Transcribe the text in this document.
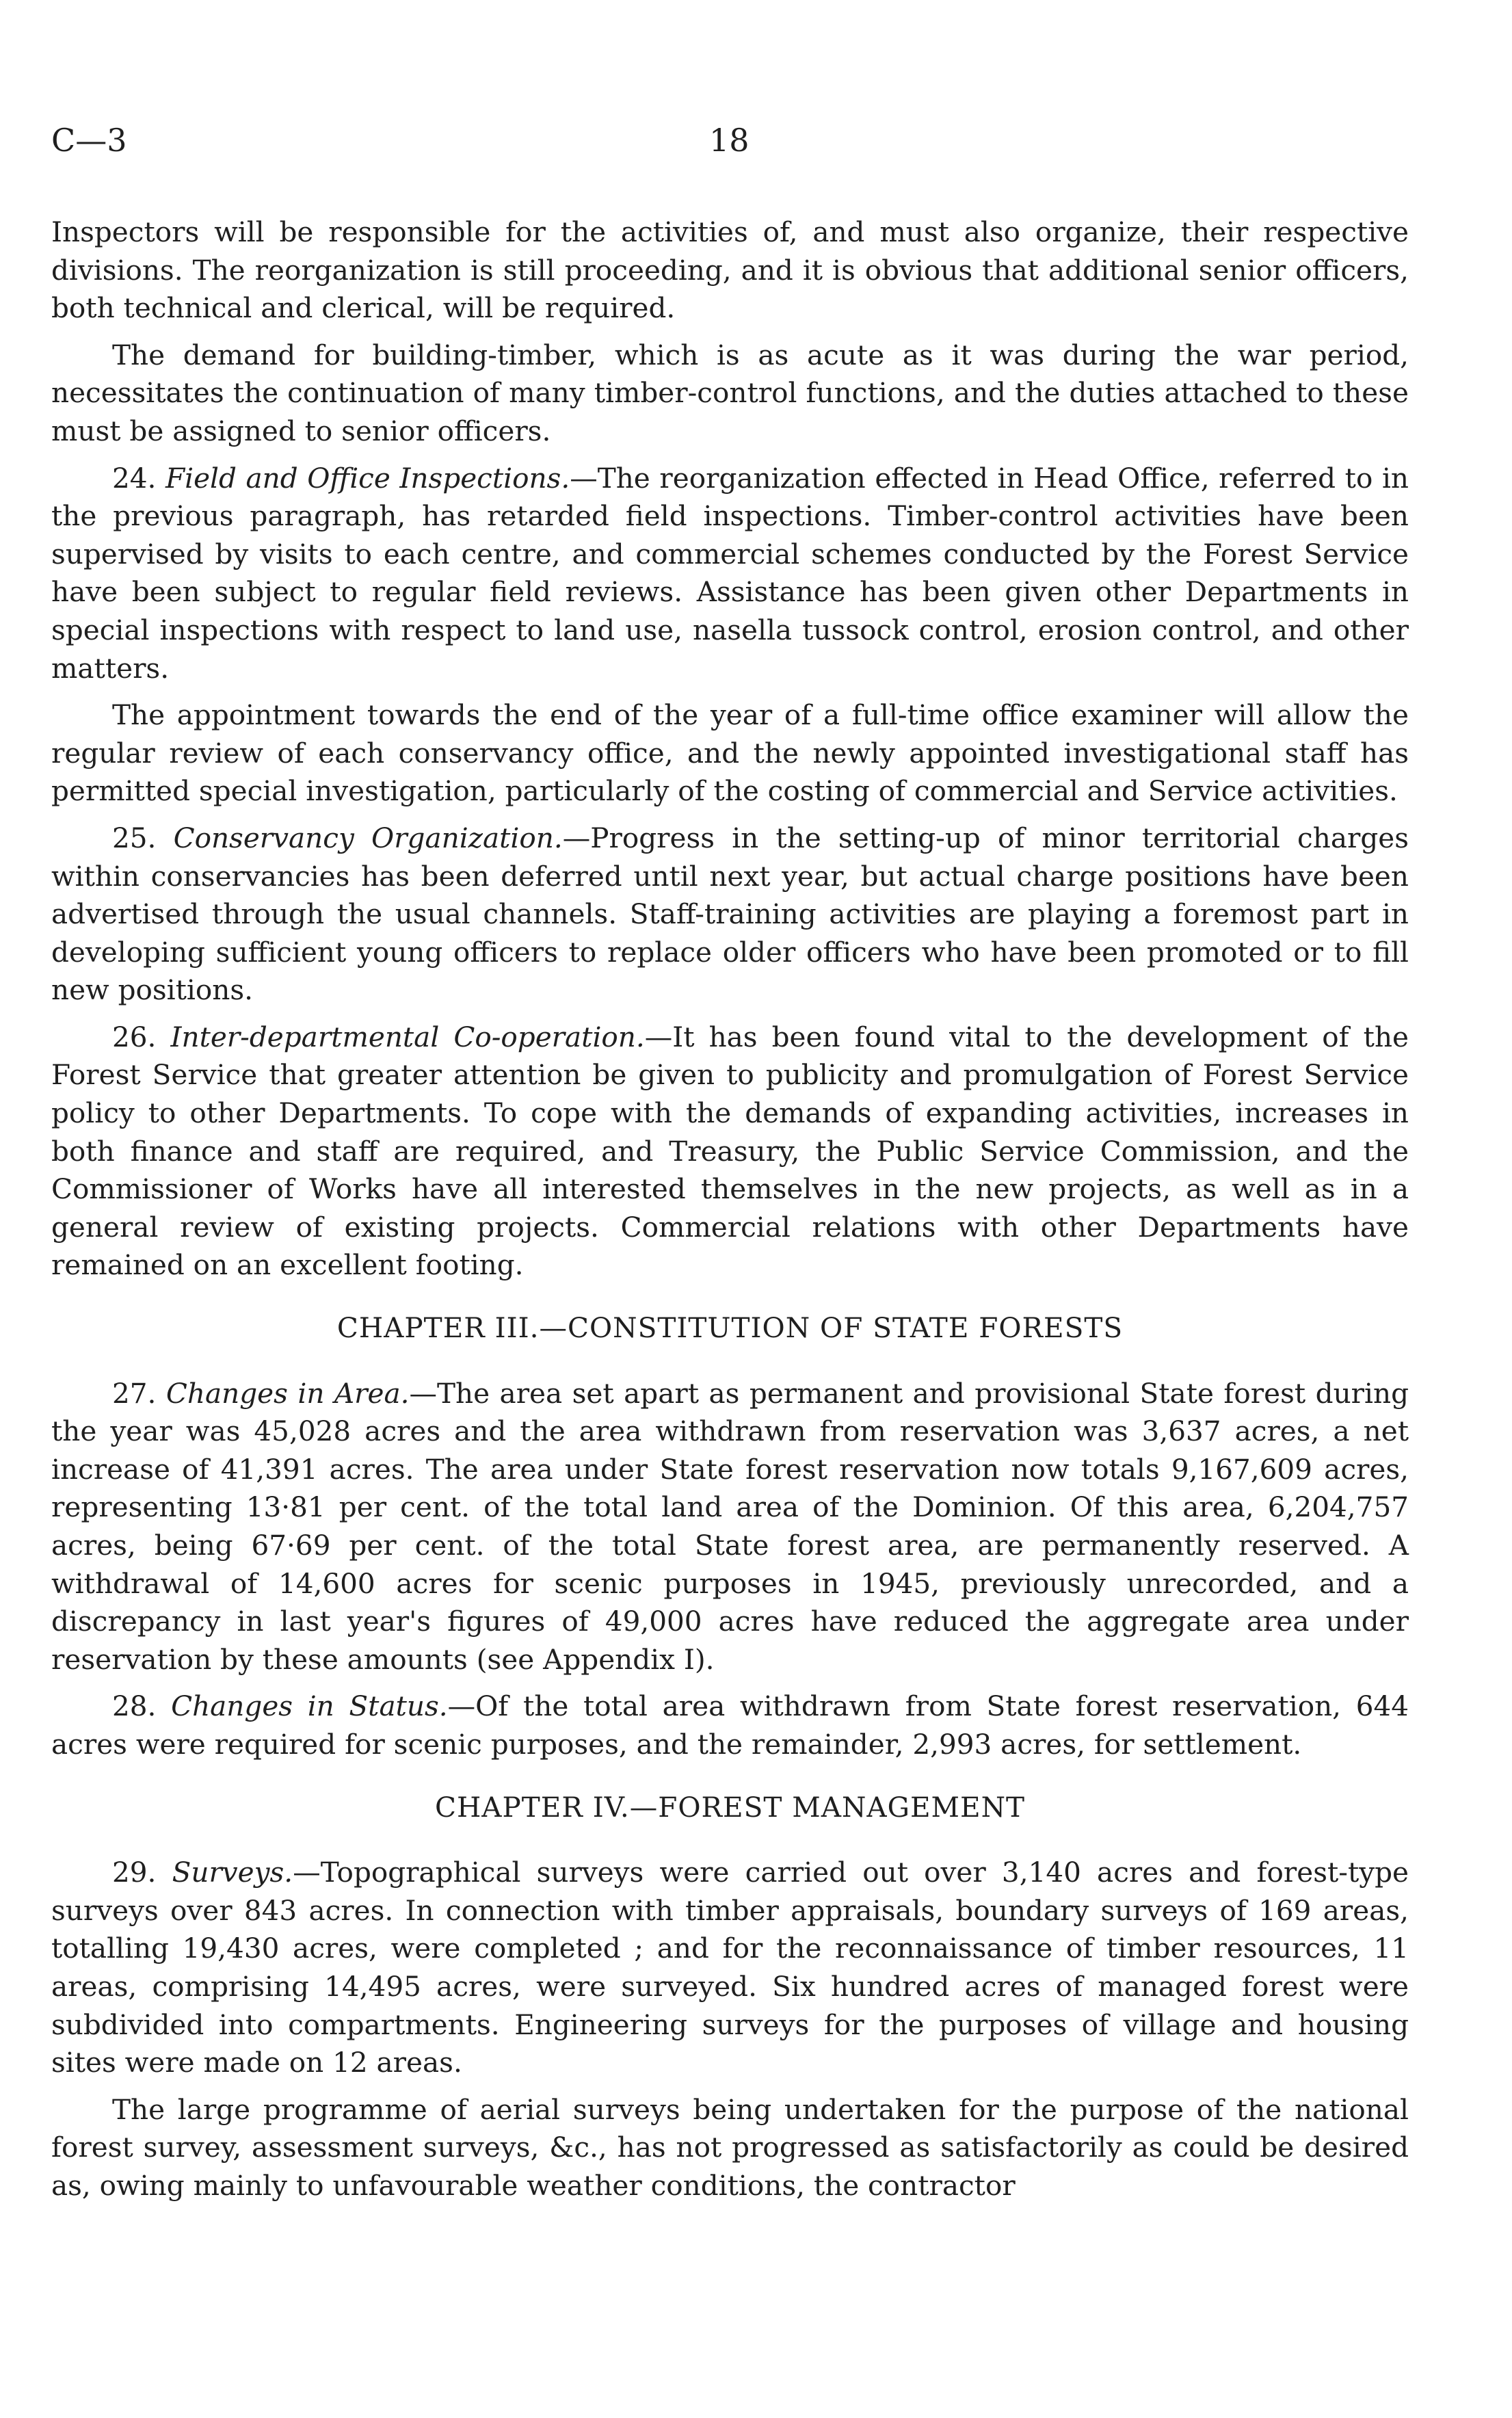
C—3	18

Inspectors will be responsible for the activities of, and must also organize, their respective divisions. The reorganization is still proceeding, and it is obvious that additional senior officers, both technical and clerical, will be required.

The demand for building-timber, which is as acute as it was during the war period, necessitates the continuation of many timber-control functions, and the duties attached to these must be assigned to senior officers.

24. Field and Office Inspections.—The reorganization effected in Head Office, referred to in the previous paragraph, has retarded field inspections. Timber-control activities have been supervised by visits to each centre, and commercial schemes conducted by the Forest Service have been subject to regular field reviews. Assistance has been given other Departments in special inspections with respect to land use, nasella tussock control, erosion control, and other matters.

The appointment towards the end of the year of a full-time office examiner will allow the regular review of each conservancy office, and the newly appointed investigational staff has permitted special investigation, particularly of the costing of commercial and Service activities.

25. Conservancy Organization.—Progress in the setting-up of minor territorial charges within conservancies has been deferred until next year, but actual charge positions have been advertised through the usual channels. Staff-training activities are playing a foremost part in developing sufficient young officers to replace older officers who have been promoted or to fill new positions.

26. Inter-departmental Co-operation.—It has been found vital to the development of the Forest Service that greater attention be given to publicity and promulgation of Forest Service policy to other Departments. To cope with the demands of expanding activities, increases in both finance and staff are required, and Treasury, the Public Service Commission, and the Commissioner of Works have all interested themselves in the new projects, as well as in a general review of existing projects. Commercial relations with other Departments have remained on an excellent footing.

CHAPTER III.—CONSTITUTION OF STATE FORESTS

27. Changes in Area.—The area set apart as permanent and provisional State forest during the year was 45,028 acres and the area withdrawn from reservation was 3,637 acres, a net increase of 41,391 acres. The area under State forest reservation now totals 9,167,609 acres, representing 13·81 per cent. of the total land area of the Dominion. Of this area, 6,204,757 acres, being 67·69 per cent. of the total State forest area, are permanently reserved. A withdrawal of 14,600 acres for scenic purposes in 1945, previously unrecorded, and a discrepancy in last year's figures of 49,000 acres have reduced the aggregate area under reservation by these amounts (see Appendix I).

28. Changes in Status.—Of the total area withdrawn from State forest reservation, 644 acres were required for scenic purposes, and the remainder, 2,993 acres, for settlement.

CHAPTER IV.—FOREST MANAGEMENT

29. Surveys.—Topographical surveys were carried out over 3,140 acres and forest-type surveys over 843 acres. In connection with timber appraisals, boundary surveys of 169 areas, totalling 19,430 acres, were completed ; and for the reconnaissance of timber resources, 11 areas, comprising 14,495 acres, were surveyed. Six hundred acres of managed forest were subdivided into compartments. Engineering surveys for the purposes of village and housing sites were made on 12 areas.

The large programme of aerial surveys being undertaken for the purpose of the national forest survey, assessment surveys, &c., has not progressed as satisfactorily as could be desired as, owing mainly to unfavourable weather conditions, the contractor
